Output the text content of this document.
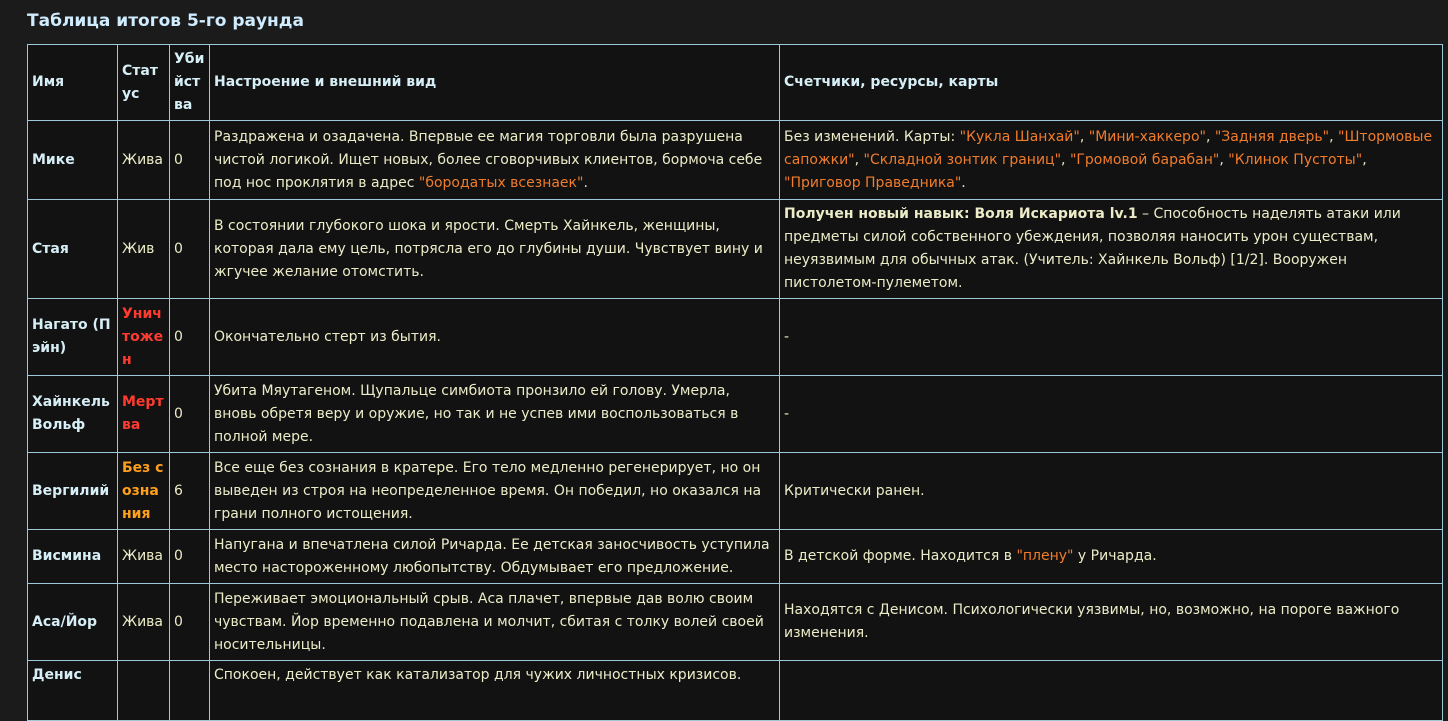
Таблица итогов 5-го раунда
Имя	Статус	Убийства	Настроение и внешний вид	Счетчики, ресурсы, карты
Мике	Жива	0	Раздражена и озадачена. Впервые ее магия торговли была разрушена чистой логикой. Ищет новых, более сговорчивых клиентов, бормоча себе под нос проклятия в адрес "бородатых всезнаек".	Без изменений. Карты: "Кукла Шанхай", "Мини-хаккеро", "Задняя дверь", "Штормовые сапожки", "Складной зонтик границ", "Громовой барабан", "Клинок Пустоты", "Приговор Праведника".
Стая	Жив	0	В состоянии глубокого шока и ярости. Смерть Хайнкель, женщины, которая дала ему цель, потрясла его до глубины души. Чувствует вину и жгучее желание отомстить.	Получен новый навык: Воля Искариота lv.1 – Способность наделять атаки или предметы силой собственного убеждения, позволяя наносить урон существам, неуязвимым для обычных атак. (Учитель: Хайнкель Вольф) [1/2]. Вооружен пистолетом-пулеметом.
Нагато (Пэйн)	Уничтожен	0	Окончательно стерт из бытия.	-
Хайнкель Вольф	Мертва	0	Убита Мяутагеном. Щупальце симбиота пронзило ей голову. Умерла, вновь обретя веру и оружие, но так и не успев ими воспользоваться в полной мере.	-
Вергилий	Без сознания	6	Все еще без сознания в кратере. Его тело медленно регенерирует, но он выведен из строя на неопределенное время. Он победил, но оказался на грани полного истощения.	Критически ранен.
Висмина	Жива	0	Напугана и впечатлена силой Ричарда. Ее детская заносчивость уступила место настороженному любопытству. Обдумывает его предложение.	В детской форме. Находится в "плену" у Ричарда.
Аса/Йор	Жива	0	Переживает эмоциональный срыв. Аса плачет, впервые дав волю своим чувствам. Йор временно подавлена и молчит, сбитая с толку волей своей носительницы.	Находятся с Денисом. Психологически уязвимы, но, возможно, на пороге важного изменения.
Денис			Спокоен, действует как катализатор для чужих личностных кризисов.	
